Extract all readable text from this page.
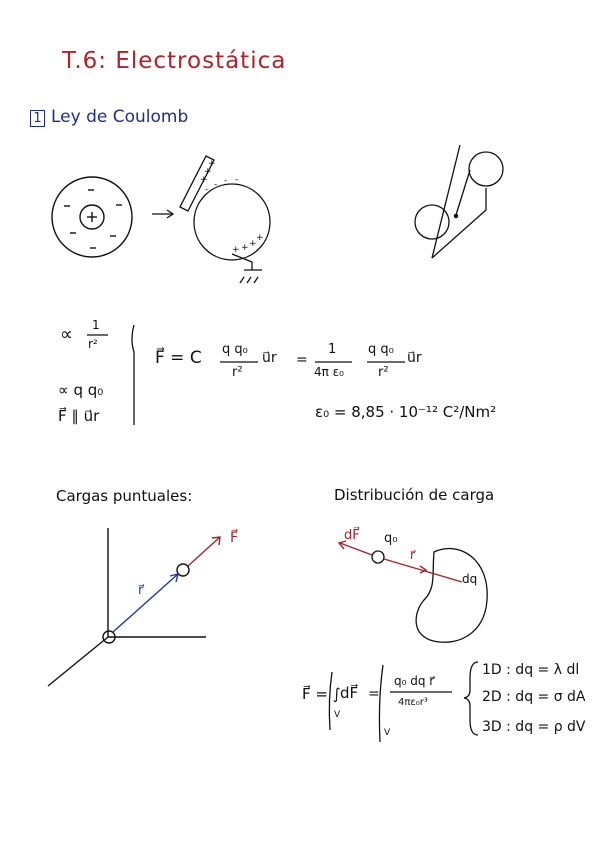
T.6: Electrostática
1 Ley de Coulomb
+
+
+
- - - -
+ + +
+
∝ 1
r²
∝ q q₀
F⃗ ∥ u⃗r
F⃗ = C q q₀
r²
u⃗r =
1
4π ε₀
q q₀
r²
u⃗r
ε₀ = 8,85 · 10⁻¹² C²/Nm²
Cargas puntuales:
F⃗
r⃗
Distribución de carga
dF⃗ q₀
r⃗
dq
F⃗ = ∫
V
dF⃗ =
q₀ dq r⃗
4πε₀r³
V
1D : dq = λ dl
2D : dq = σ dA
3D : dq = ρ dV
